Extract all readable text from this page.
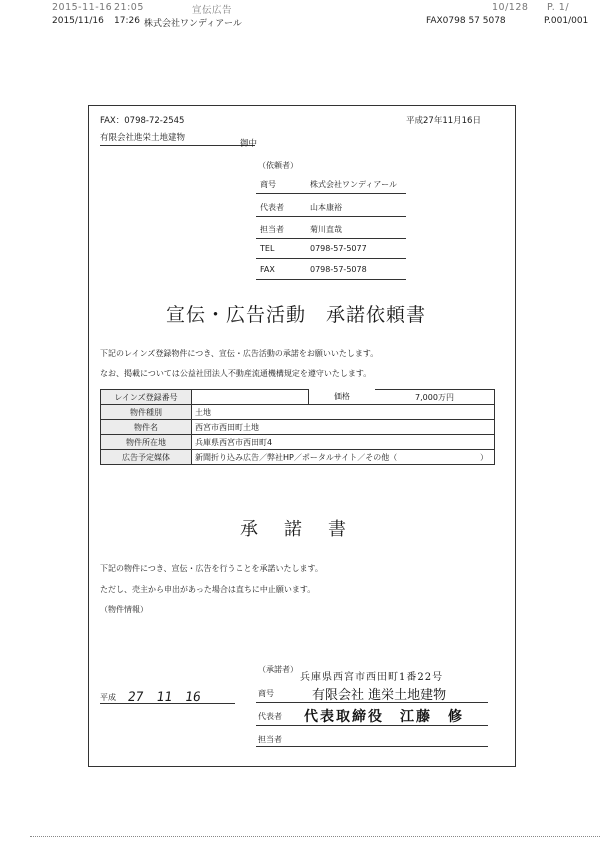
2015-11-16 21:05	宣伝広告	10/128 P. 1/
2015/11/16 17:26 株式会社ワンディアール	FAX0798 57 5078	P.001/001
FAX：0798-72-2545	平成27年11月16日
有限会社進栄土地建物
御中
（依頼者）
商号	株式会社ワンディアール
代表者	山本康裕
担当者	菊川直哉
TEL	0798-57-5077
FAX	0798-57-5078
宣伝・広告活動　承諾依頼書
下記のレインズ登録物件につき、宣伝・広告活動の承諾をお願いいたします。
なお、掲載については公益社団法人不動産流通機構規定を遵守いたします。
レインズ登録番号		価格	7,000万円
物件種別	土地		
物件名	西宮市西田町土地		
物件所在地	兵庫県西宮市西田町4		
広告予定媒体	新聞折り込み広告／弊社HP／ポータルサイト／その他（ ）		
承諾書
下記の物件につき、宣伝・広告を行うことを承諾いたします。
ただし、売主から申出があった場合は直ちに中止願います。
（物件情報）
（承諾者）
平成 27　11　16
兵庫県西宮市西田町1番22号
商号	有限会社 進栄土地建物
代表者 代表取締役　江藤　修
担当者
